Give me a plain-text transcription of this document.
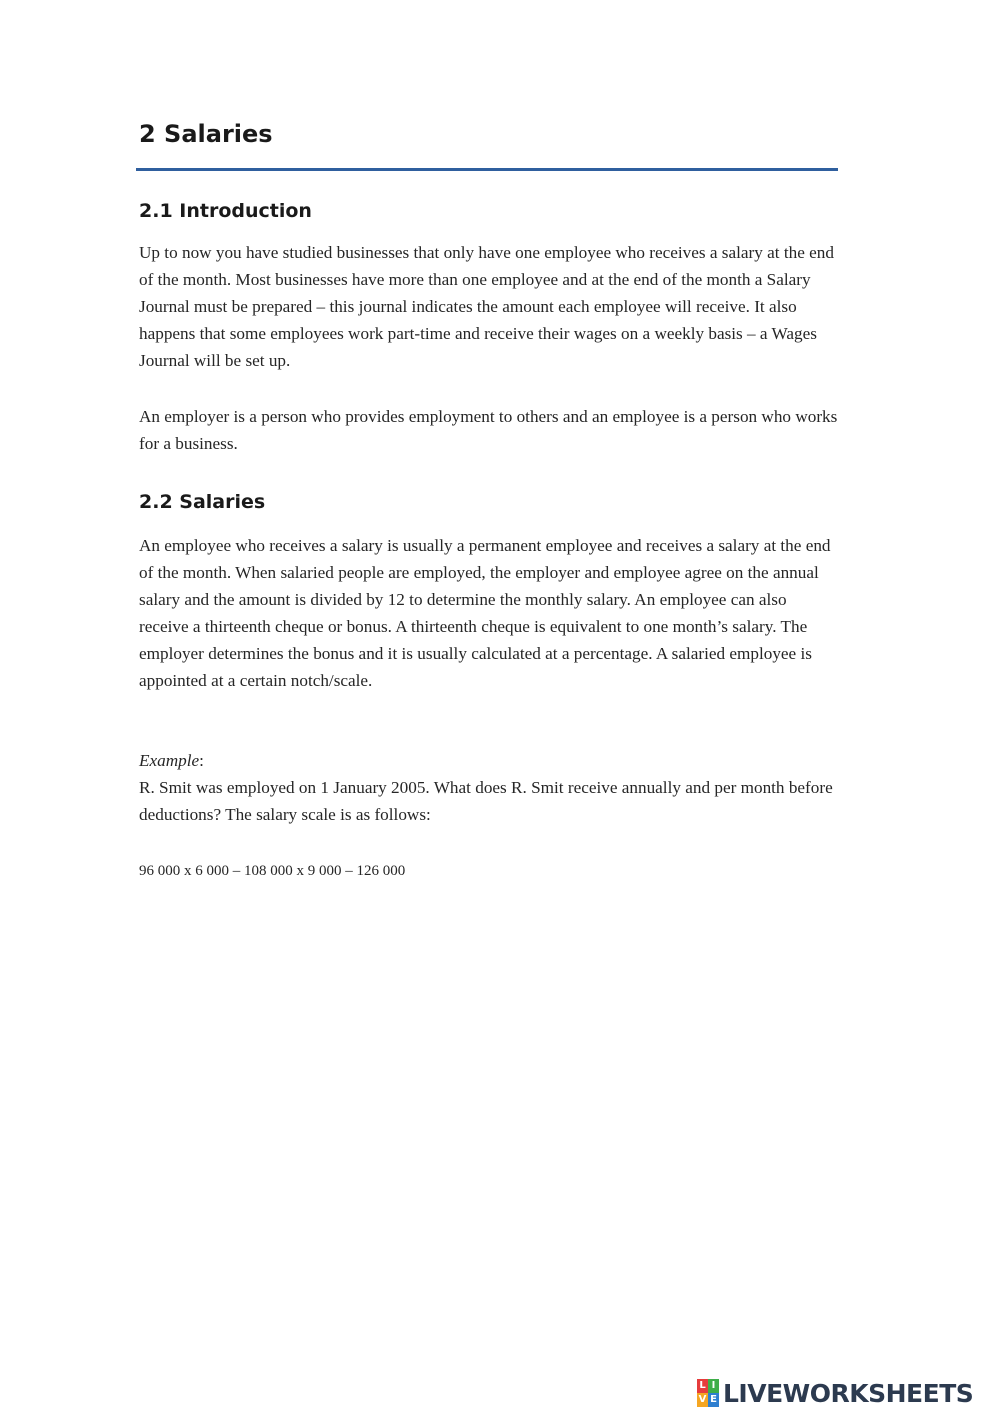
2 Salaries
2.1 Introduction

Up to now you have studied businesses that only have one employee who receives a salary at the end of the month. Most businesses have more than one employee and at the end of the month a Salary Journal must be prepared – this journal indicates the amount each employee will receive. It also happens that some employees work part-time and receive their wages on a weekly basis – a Wages Journal will be set up.

An employer is a person who provides employment to others and an employee is a person who works for a business.

2.2 Salaries

An employee who receives a salary is usually a permanent employee and receives a salary at the end of the month. When salaried people are employed, the employer and employee agree on the annual salary and the amount is divided by 12 to determine the monthly salary. An employee can also receive a thirteenth cheque or bonus. A thirteenth cheque is equivalent to one month’s salary. The employer determines the bonus and it is usually calculated at a percentage. A salaried employee is appointed at a certain notch/scale.

Example:

R. Smit was employed on 1 January 2005. What does R. Smit receive annually and per month before deductions? The salary scale is as follows:

96 000 x 6 000 – 108 000 x 9 000 – 126 000

L I
V E LIVEWORKSHEETS
